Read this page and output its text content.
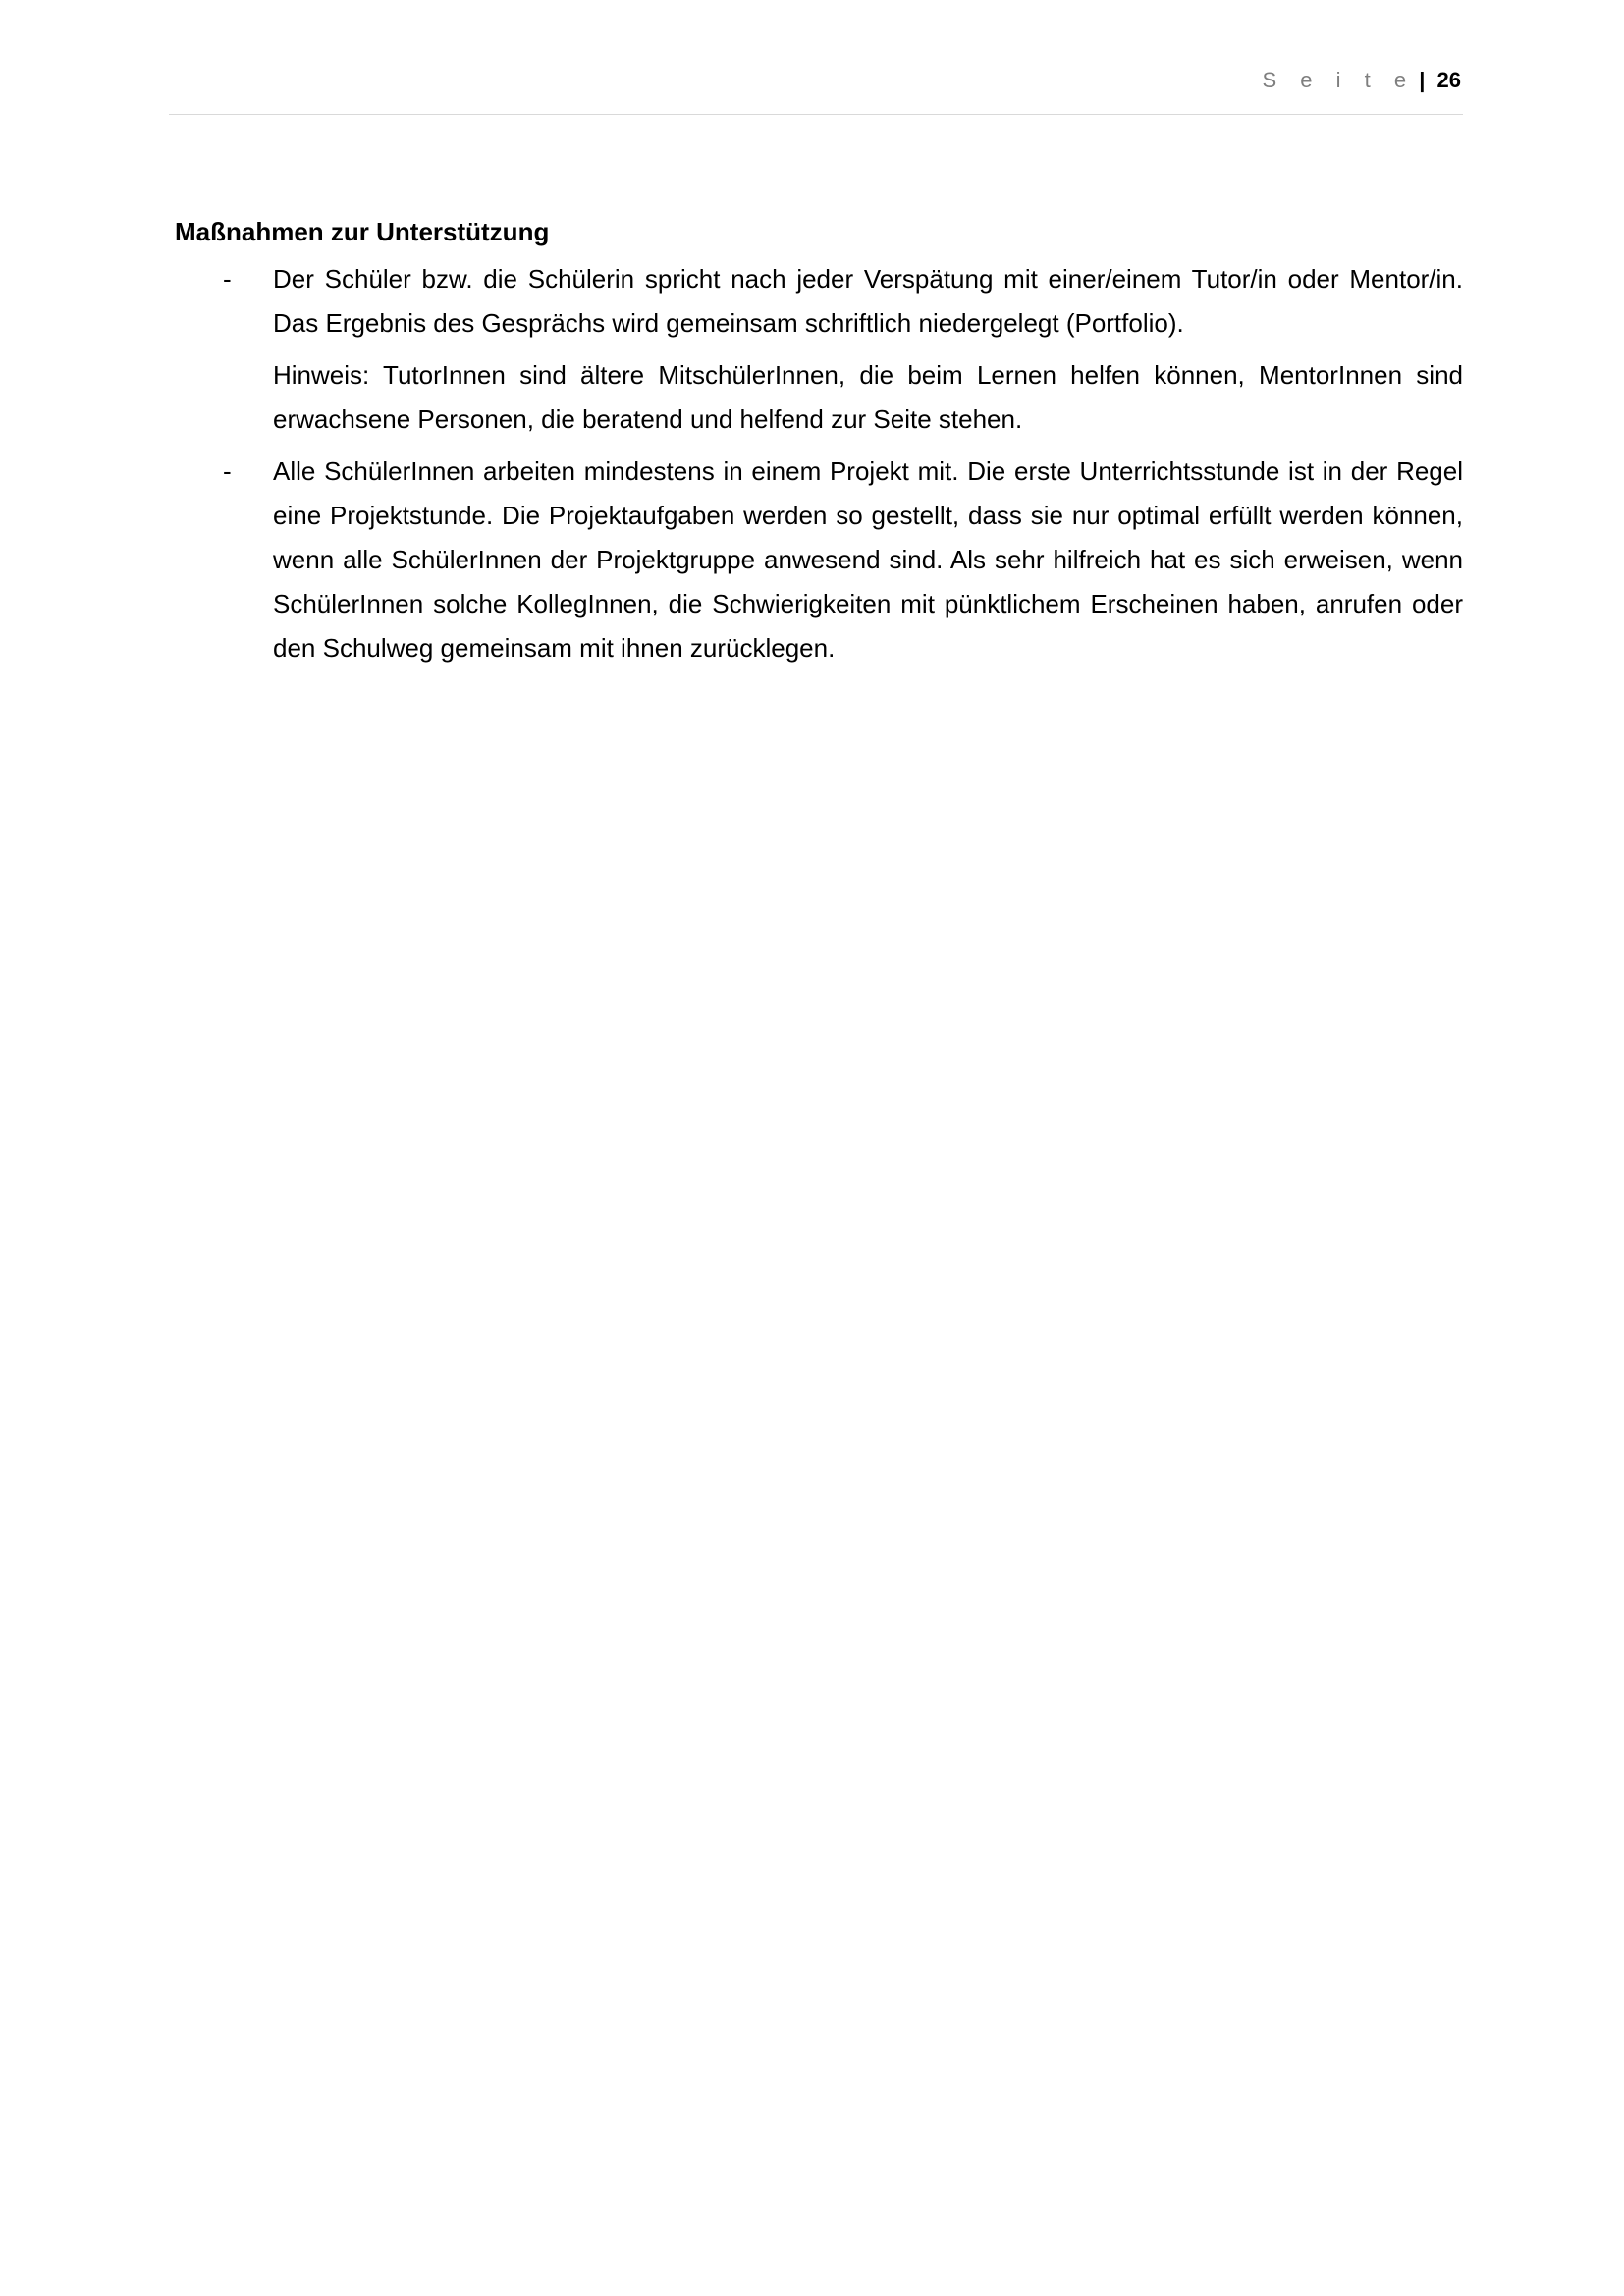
S e i t e | 26
Maßnahmen zur Unterstützung
- Der Schüler bzw. die Schülerin spricht nach jeder Verspätung mit einer/einem Tutor/in oder Mentor/in. Das Ergebnis des Gesprächs wird gemeinsam schriftlich niedergelegt (Portfolio).

Hinweis: TutorInnen sind ältere MitschülerInnen, die beim Lernen helfen können, MentorInnen sind erwachsene Personen, die beratend und helfend zur Seite stehen.

- Alle SchülerInnen arbeiten mindestens in einem Projekt mit. Die erste Unterrichtsstunde ist in der Regel eine Projektstunde. Die Projektaufgaben werden so gestellt, dass sie nur optimal erfüllt werden können, wenn alle SchülerInnen der Projektgruppe anwesend sind. Als sehr hilfreich hat es sich erweisen, wenn SchülerInnen solche KollegInnen, die Schwierigkeiten mit pünktlichem Erscheinen haben, anrufen oder den Schulweg gemeinsam mit ihnen zurücklegen.
